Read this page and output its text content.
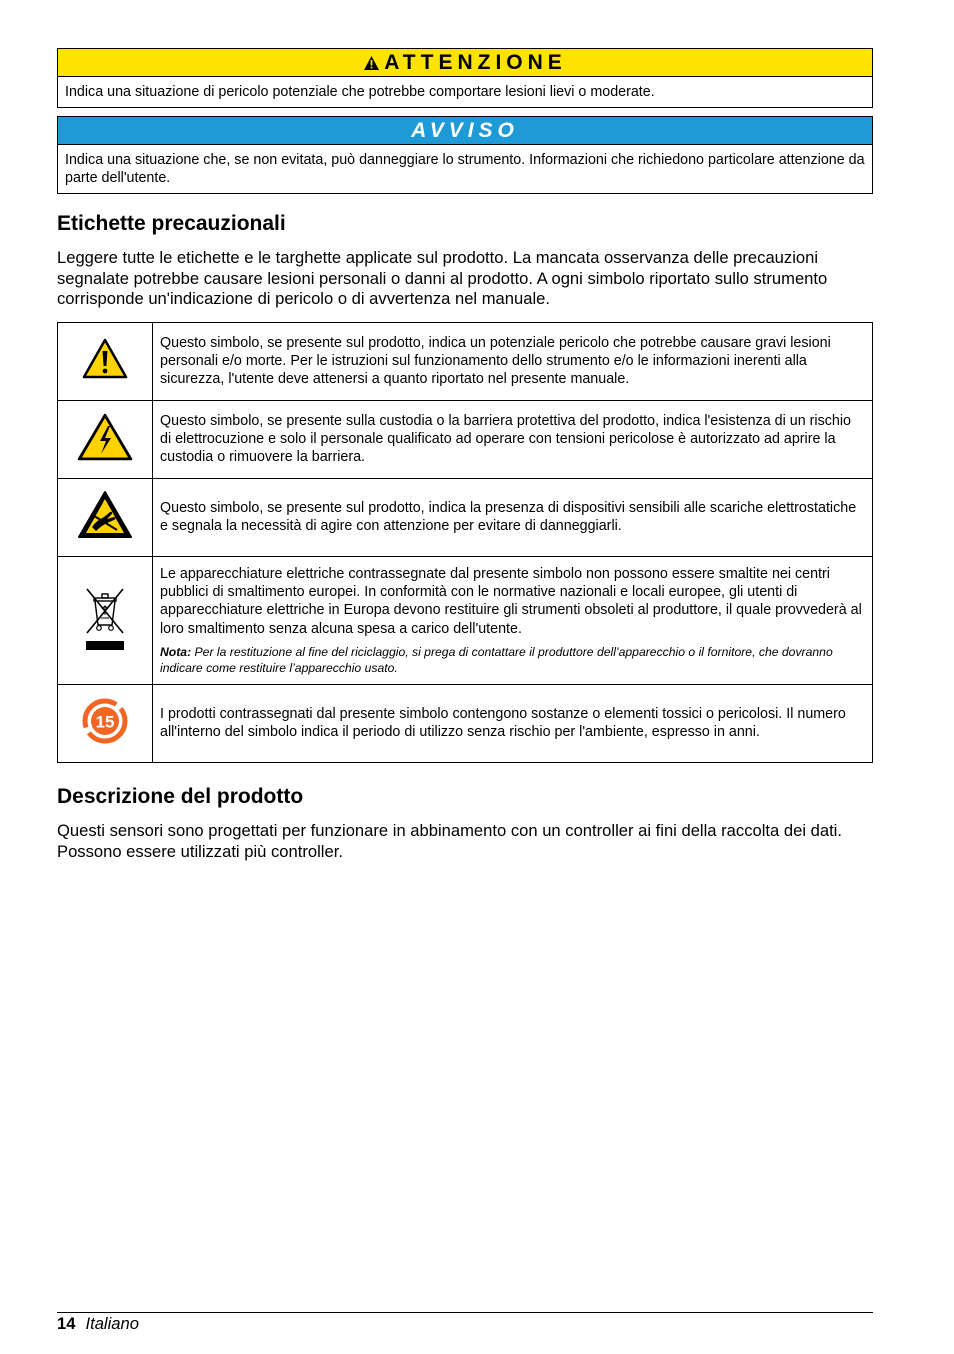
ATTENZIONE
Indica una situazione di pericolo potenziale che potrebbe comportare lesioni lievi o moderate.
AVVISO
Indica una situazione che, se non evitata, può danneggiare lo strumento. Informazioni che richiedono particolare attenzione da parte dell'utente.
Etichette precauzionali

Leggere tutte le etichette e le targhette applicate sul prodotto. La mancata osservanza delle precauzioni segnalate potrebbe causare lesioni personali o danni al prodotto. A ogni simbolo riportato sullo strumento corrisponde un'indicazione di pericolo o di avvertenza nel manuale.

	Questo simbolo, se presente sul prodotto, indica un potenziale pericolo che potrebbe causare gravi lesioni personali e/o morte. Per le istruzioni sul funzionamento dello strumento e/o le informazioni inerenti alla sicurezza, l'utente deve attenersi a quanto riportato nel presente manuale.
	Questo simbolo, se presente sulla custodia o la barriera protettiva del prodotto, indica l'esistenza di un rischio di elettrocuzione e solo il personale qualificato ad operare con tensioni pericolose è autorizzato ad aprire la custodia o rimuovere la barriera.
	Questo simbolo, se presente sul prodotto, indica la presenza di dispositivi sensibili alle scariche elettrostatiche e segnala la necessità di agire con attenzione per evitare di danneggiarli.

Le apparecchiature elettriche contrassegnate dal presente simbolo non possono essere smaltite nei centri pubblici di smaltimento europei. In conformità con le normative nazionali e locali europee, gli utenti di apparecchiature elettriche in Europa devono restituire gli strumenti obsoleti al produttore, il quale provvederà al loro smaltimento senza alcuna spesa a carico dell'utente.
Nota: Per la restituzione al fine del riciclaggio, si prega di contattare il produttore dell’apparecchio o il fornitore, che dovranno indicare come restituire l’apparecchio usato.

15	I prodotti contrassegnati dal presente simbolo contengono sostanze o elementi tossici o pericolosi. Il numero all'interno del simbolo indica il periodo di utilizzo senza rischio per l'ambiente, espresso in anni.
Descrizione del prodotto

Questi sensori sono progettati per funzionare in abbinamento con un controller ai fini della raccolta dei dati. Possono essere utilizzati più controller.

14 Italiano
